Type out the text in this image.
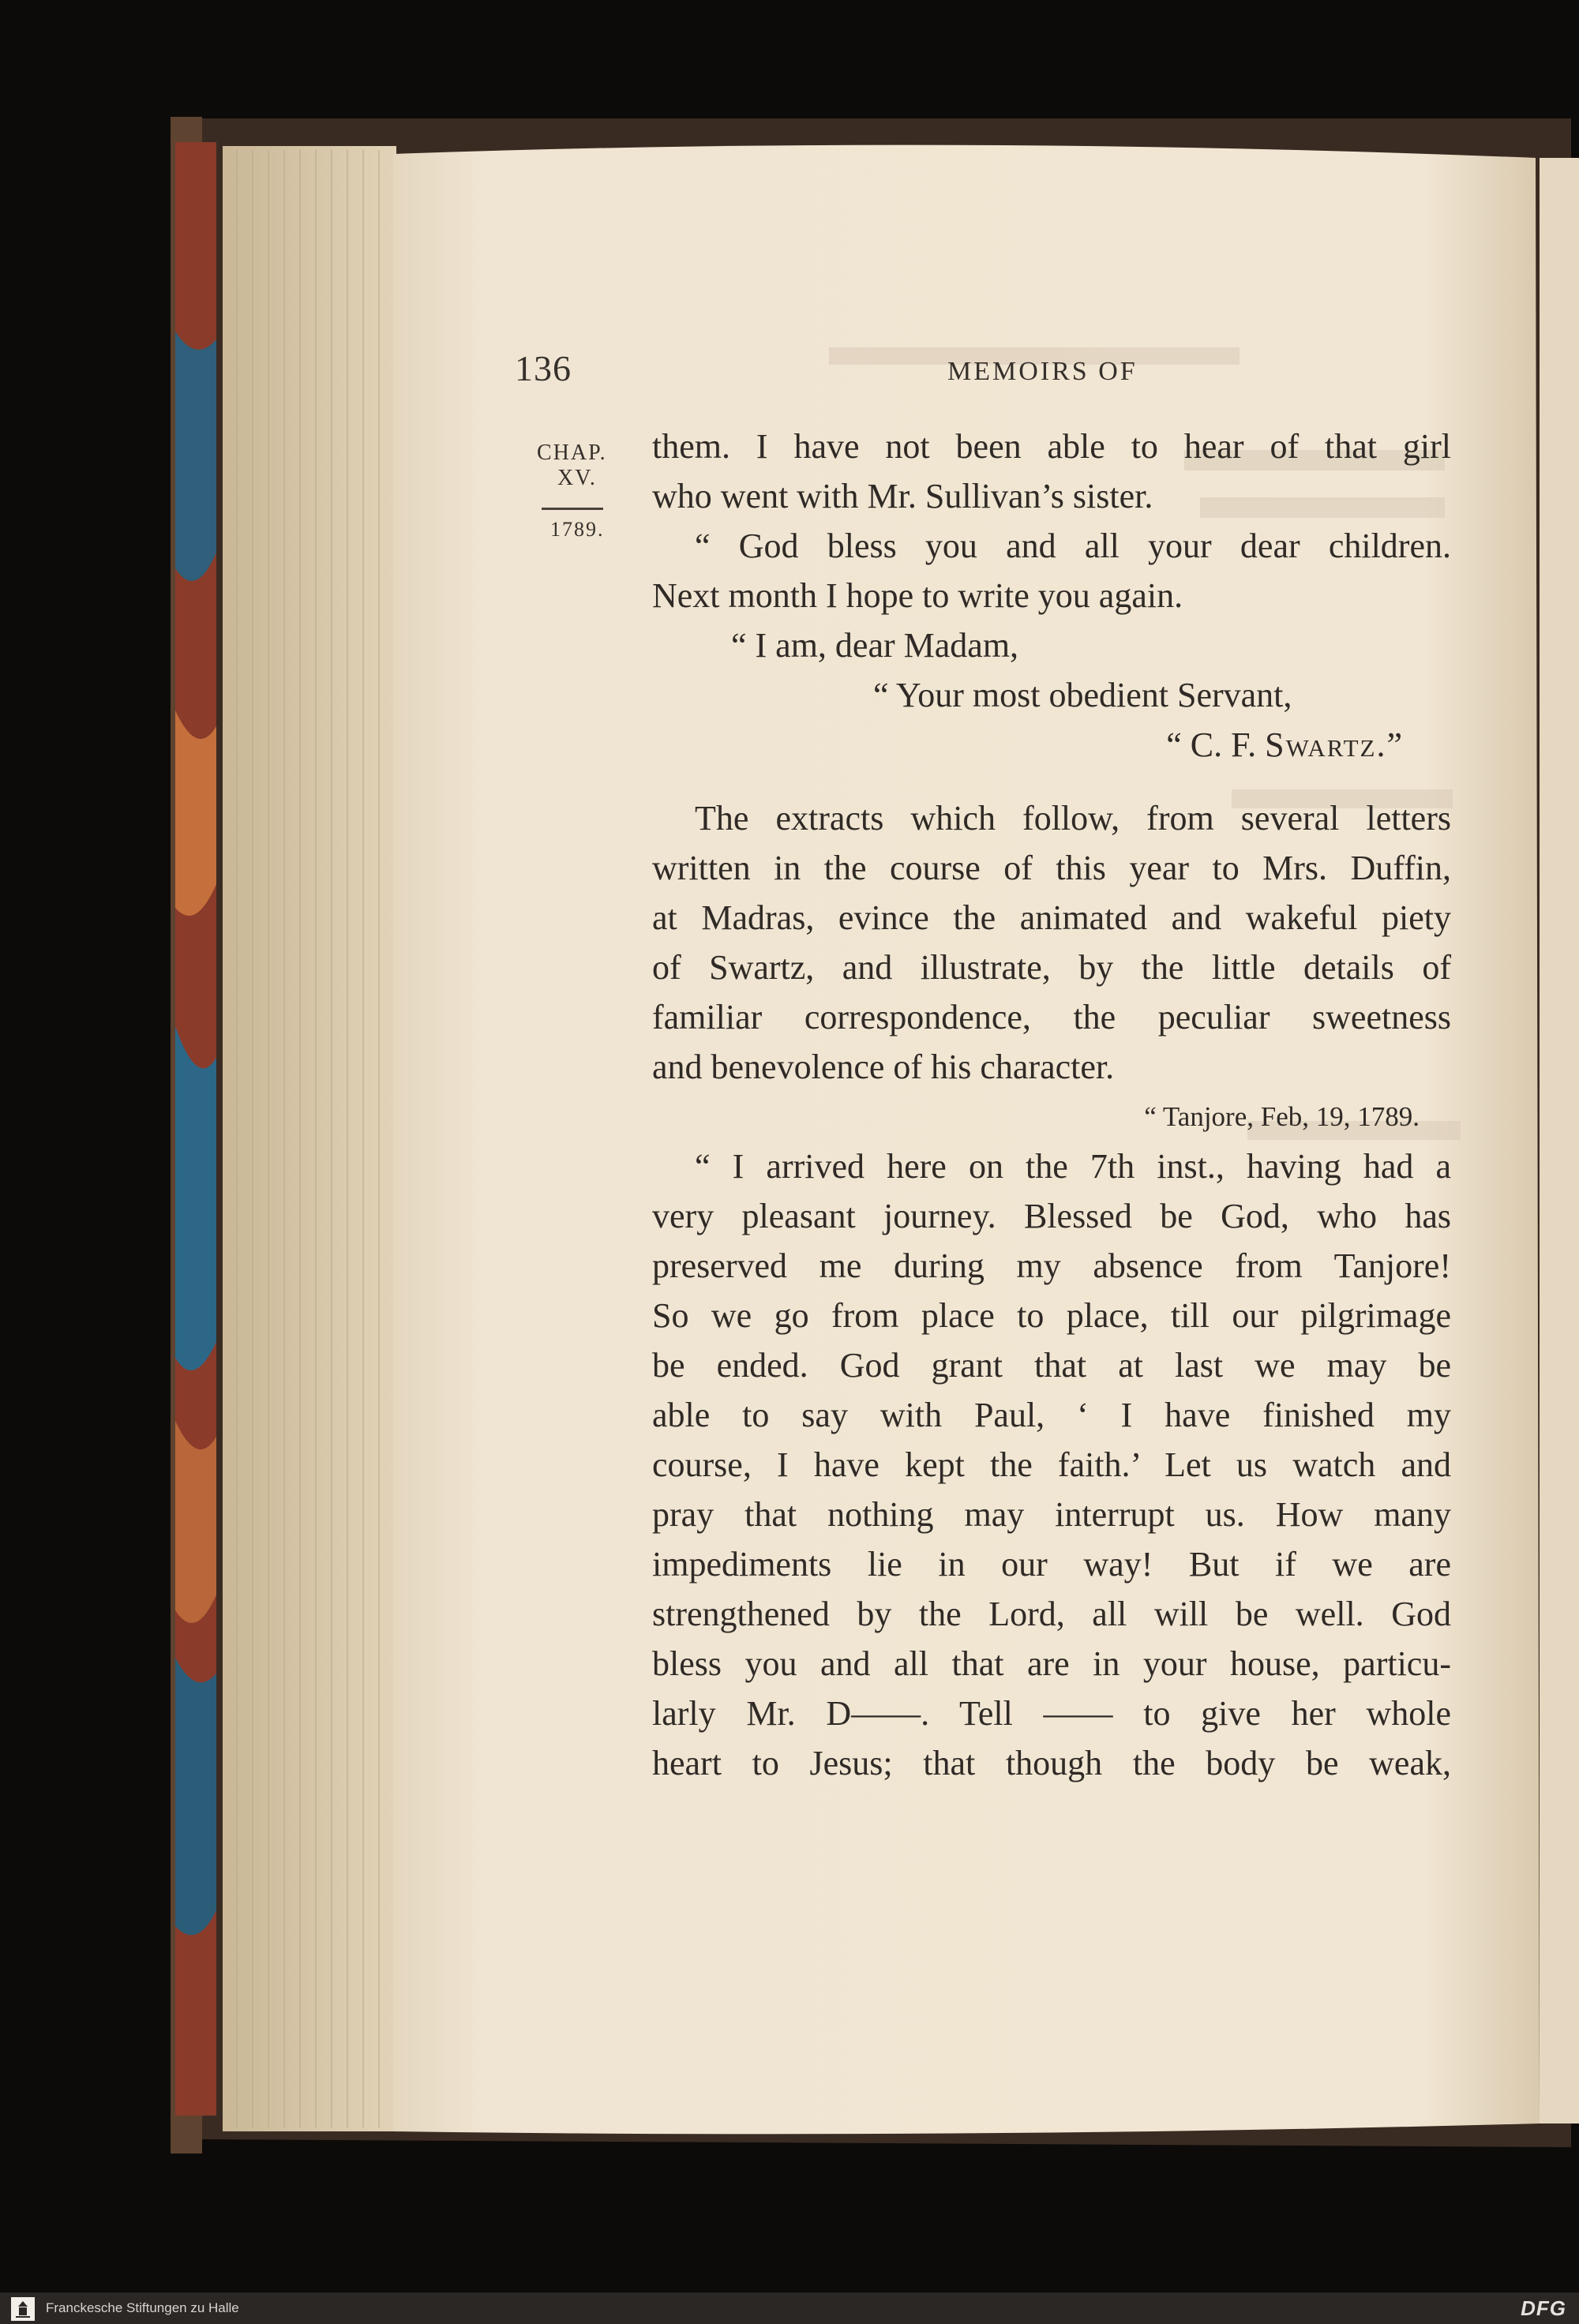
136	MEMOIRS OF
CHAP.
XV.
1789.
them. I have not been able to hear of that girl
who went with Mr. Sullivan’s sister.
“ God bless you and all your dear children.
Next month I hope to write you again.
“ I am, dear Madam,
“ Your most obedient Servant,
“ C. F. Swartz.”
The extracts which follow, from several letters
written in the course of this year to Mrs. Duffin,
at Madras, evince the animated and wakeful piety
of Swartz, and illustrate, by the little details of
familiar correspondence, the peculiar sweetness
and benevolence of his character.
“ Tanjore, Feb, 19, 1789.
“ I arrived here on the 7th inst., having had a
very pleasant journey. Blessed be God, who has
preserved me during my absence from Tanjore!
So we go from place to place, till our pilgrimage
be ended. God grant that at last we may be
able to say with Paul, ‘ I have finished my
course, I have kept the faith.’ Let us watch and
pray that nothing may interrupt us. How many
impediments lie in our way! But if we are
strengthened by the Lord, all will be well. God
bless you and all that are in your house, particu-
larly Mr. D——. Tell —— to give her whole
heart to Jesus; that though the body be weak,
Franckesche Stiftungen zu Halle	DFG
